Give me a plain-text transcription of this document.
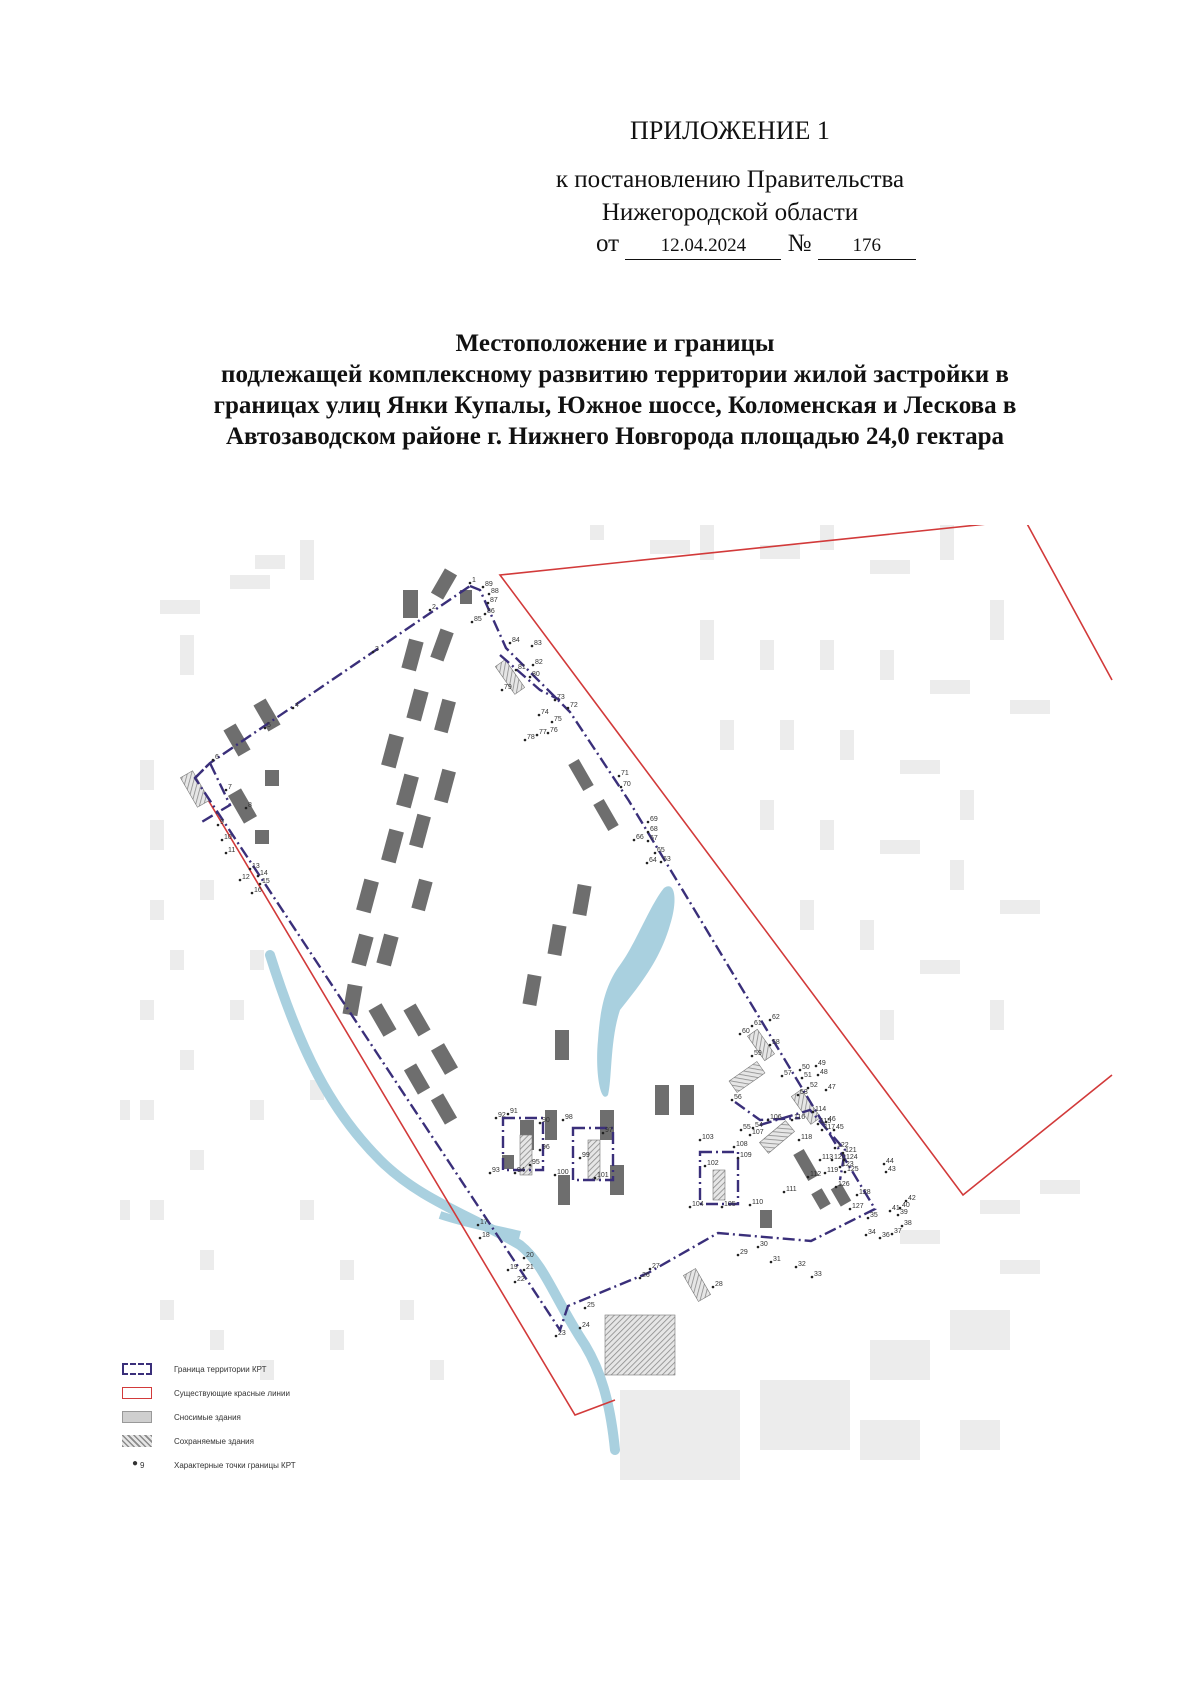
ПРИЛОЖЕНИЕ 1
к постановлению Правительства
Нижегородской области
от 12.04.2024 № 176
Местоположение и границы
подлежащей комплексному развитию территории жилой застройки в
границах улиц Янки Купалы, Южное шоссе, Коломенская и Лескова в
Автозаводском районе г. Нижнего Новгорода площадью 24,0 гектара
1
2
3
4
5
6
7
8
9
10
11
12
13
14
15
16
17
18
19
20
21
22
23
24
25
26
27
28
29
30
31
32
33
34
35
36
37
38
39
40
41
42
43
44
45
46
47
48
49
50
51
52
53
54
55
56
57
58
59
60
61
62
63
64
65
66 67
68
69
70
71
72
73
74
75
76
77
78
79
80
81
82
83
84
85
86
87
88
89
90
91
92
93 94
95
96
97
98
99
100	101
102
103
104	105
106
107
108
109
110
111
112
113
114
115
116
117
118
119
120
121
122
123
124
125
126
127
128
Граница территории КРТ
Существующие красные линии
Сносимые здания
Сохраняемые здания
● 9	Характерные точки границы КРТ
